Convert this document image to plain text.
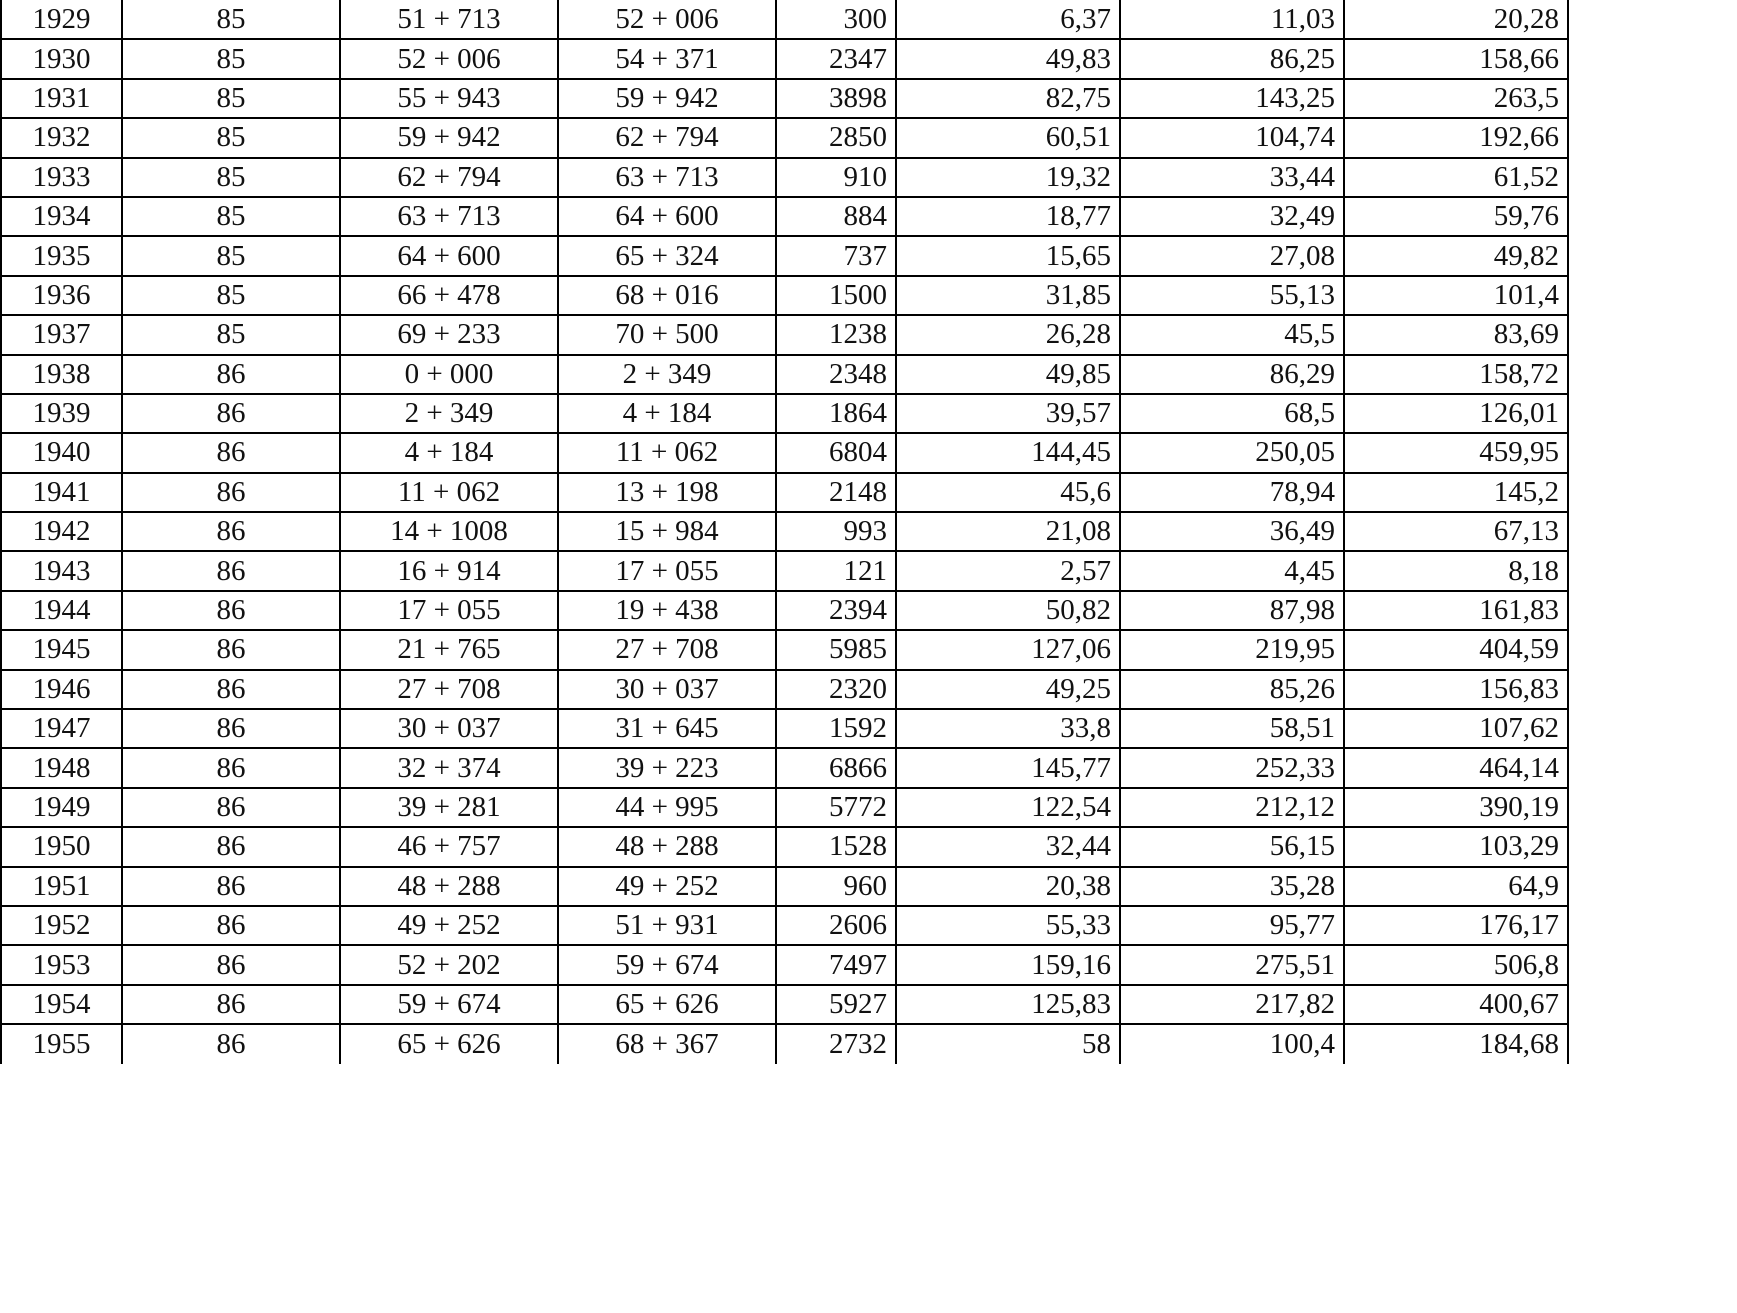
1929	85	51 + 713	52 + 006	300	6,37	11,03	20,28
1930	85	52 + 006	54 + 371	2347	49,83	86,25	158,66
1931	85	55 + 943	59 + 942	3898	82,75	143,25	263,5
1932	85	59 + 942	62 + 794	2850	60,51	104,74	192,66
1933	85	62 + 794	63 + 713	910	19,32	33,44	61,52
1934	85	63 + 713	64 + 600	884	18,77	32,49	59,76
1935	85	64 + 600	65 + 324	737	15,65	27,08	49,82
1936	85	66 + 478	68 + 016	1500	31,85	55,13	101,4
1937	85	69 + 233	70 + 500	1238	26,28	45,5	83,69
1938	86	0 + 000	2 + 349	2348	49,85	86,29	158,72
1939	86	2 + 349	4 + 184	1864	39,57	68,5	126,01
1940	86	4 + 184	11 + 062	6804	144,45	250,05	459,95
1941	86	11 + 062	13 + 198	2148	45,6	78,94	145,2
1942	86	14 + 1008	15 + 984	993	21,08	36,49	67,13
1943	86	16 + 914	17 + 055	121	2,57	4,45	8,18
1944	86	17 + 055	19 + 438	2394	50,82	87,98	161,83
1945	86	21 + 765	27 + 708	5985	127,06	219,95	404,59
1946	86	27 + 708	30 + 037	2320	49,25	85,26	156,83
1947	86	30 + 037	31 + 645	1592	33,8	58,51	107,62
1948	86	32 + 374	39 + 223	6866	145,77	252,33	464,14
1949	86	39 + 281	44 + 995	5772	122,54	212,12	390,19
1950	86	46 + 757	48 + 288	1528	32,44	56,15	103,29
1951	86	48 + 288	49 + 252	960	20,38	35,28	64,9
1952	86	49 + 252	51 + 931	2606	55,33	95,77	176,17
1953	86	52 + 202	59 + 674	7497	159,16	275,51	506,8
1954	86	59 + 674	65 + 626	5927	125,83	217,82	400,67
1955	86	65 + 626	68 + 367	2732	58	100,4	184,68
